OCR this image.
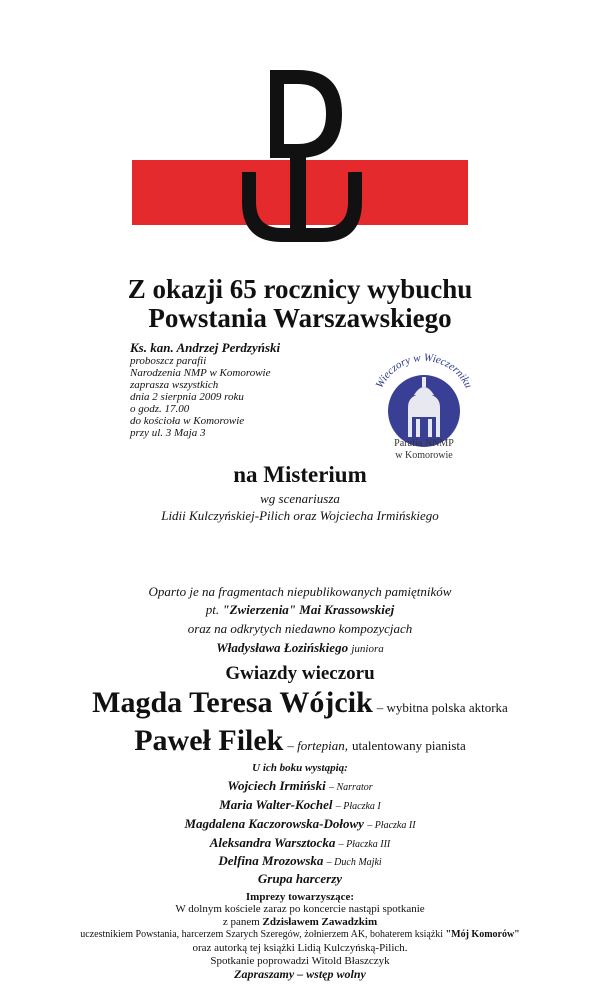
Z okazji 65 rocznicy wybuchu
Powstania Warszawskiego
Ks. kan. Andrzej Perdzyński
proboszcz parafii
Narodzenia NMP w Komorowie
zaprasza wszystkich
dnia 2 sierpnia 2009 roku
o godz. 17.00
do kościoła w Komorowie
przy ul. 3 Maja 3
Wieczory w Wieczerniku
Parafia NNMP
w Komorowie
na Misterium
wg scenariusza
Lidii Kulczyńskiej-Pilich oraz Wojciecha Irmińskiego
Oparto je na fragmentach niepublikowanych pamiętników
pt. "Zwierzenia" Mai Krassowskiej
oraz na odkrytych niedawno kompozycjach
Władysława Łozińskiego juniora
Gwiazdy wieczoru
Magda Teresa Wójcik – wybitna polska aktorka
Paweł Filek – fortepian, utalentowany pianista
U ich boku wystąpią:
Wojciech Irmiński – Narrator
Maria Walter-Kochel – Płaczka I
Magdalena Kaczorowska-Dołowy – Płaczka II
Aleksandra Warsztocka – Płaczka III
Delfina Mrozowska – Duch Majki
Grupa harcerzy
Imprezy towarzyszące:
W dolnym kościele zaraz po koncercie nastąpi spotkanie
z panem Zdzisławem Zawadzkim
uczestnikiem Powstania, harcerzem Szarych Szeregów, żołnierzem AK, bohaterem książki "Mój Komorów"
oraz autorką tej książki Lidią Kulczyńską-Pilich.
Spotkanie poprowadzi Witold Błaszczyk
Zapraszamy – wstęp wolny
